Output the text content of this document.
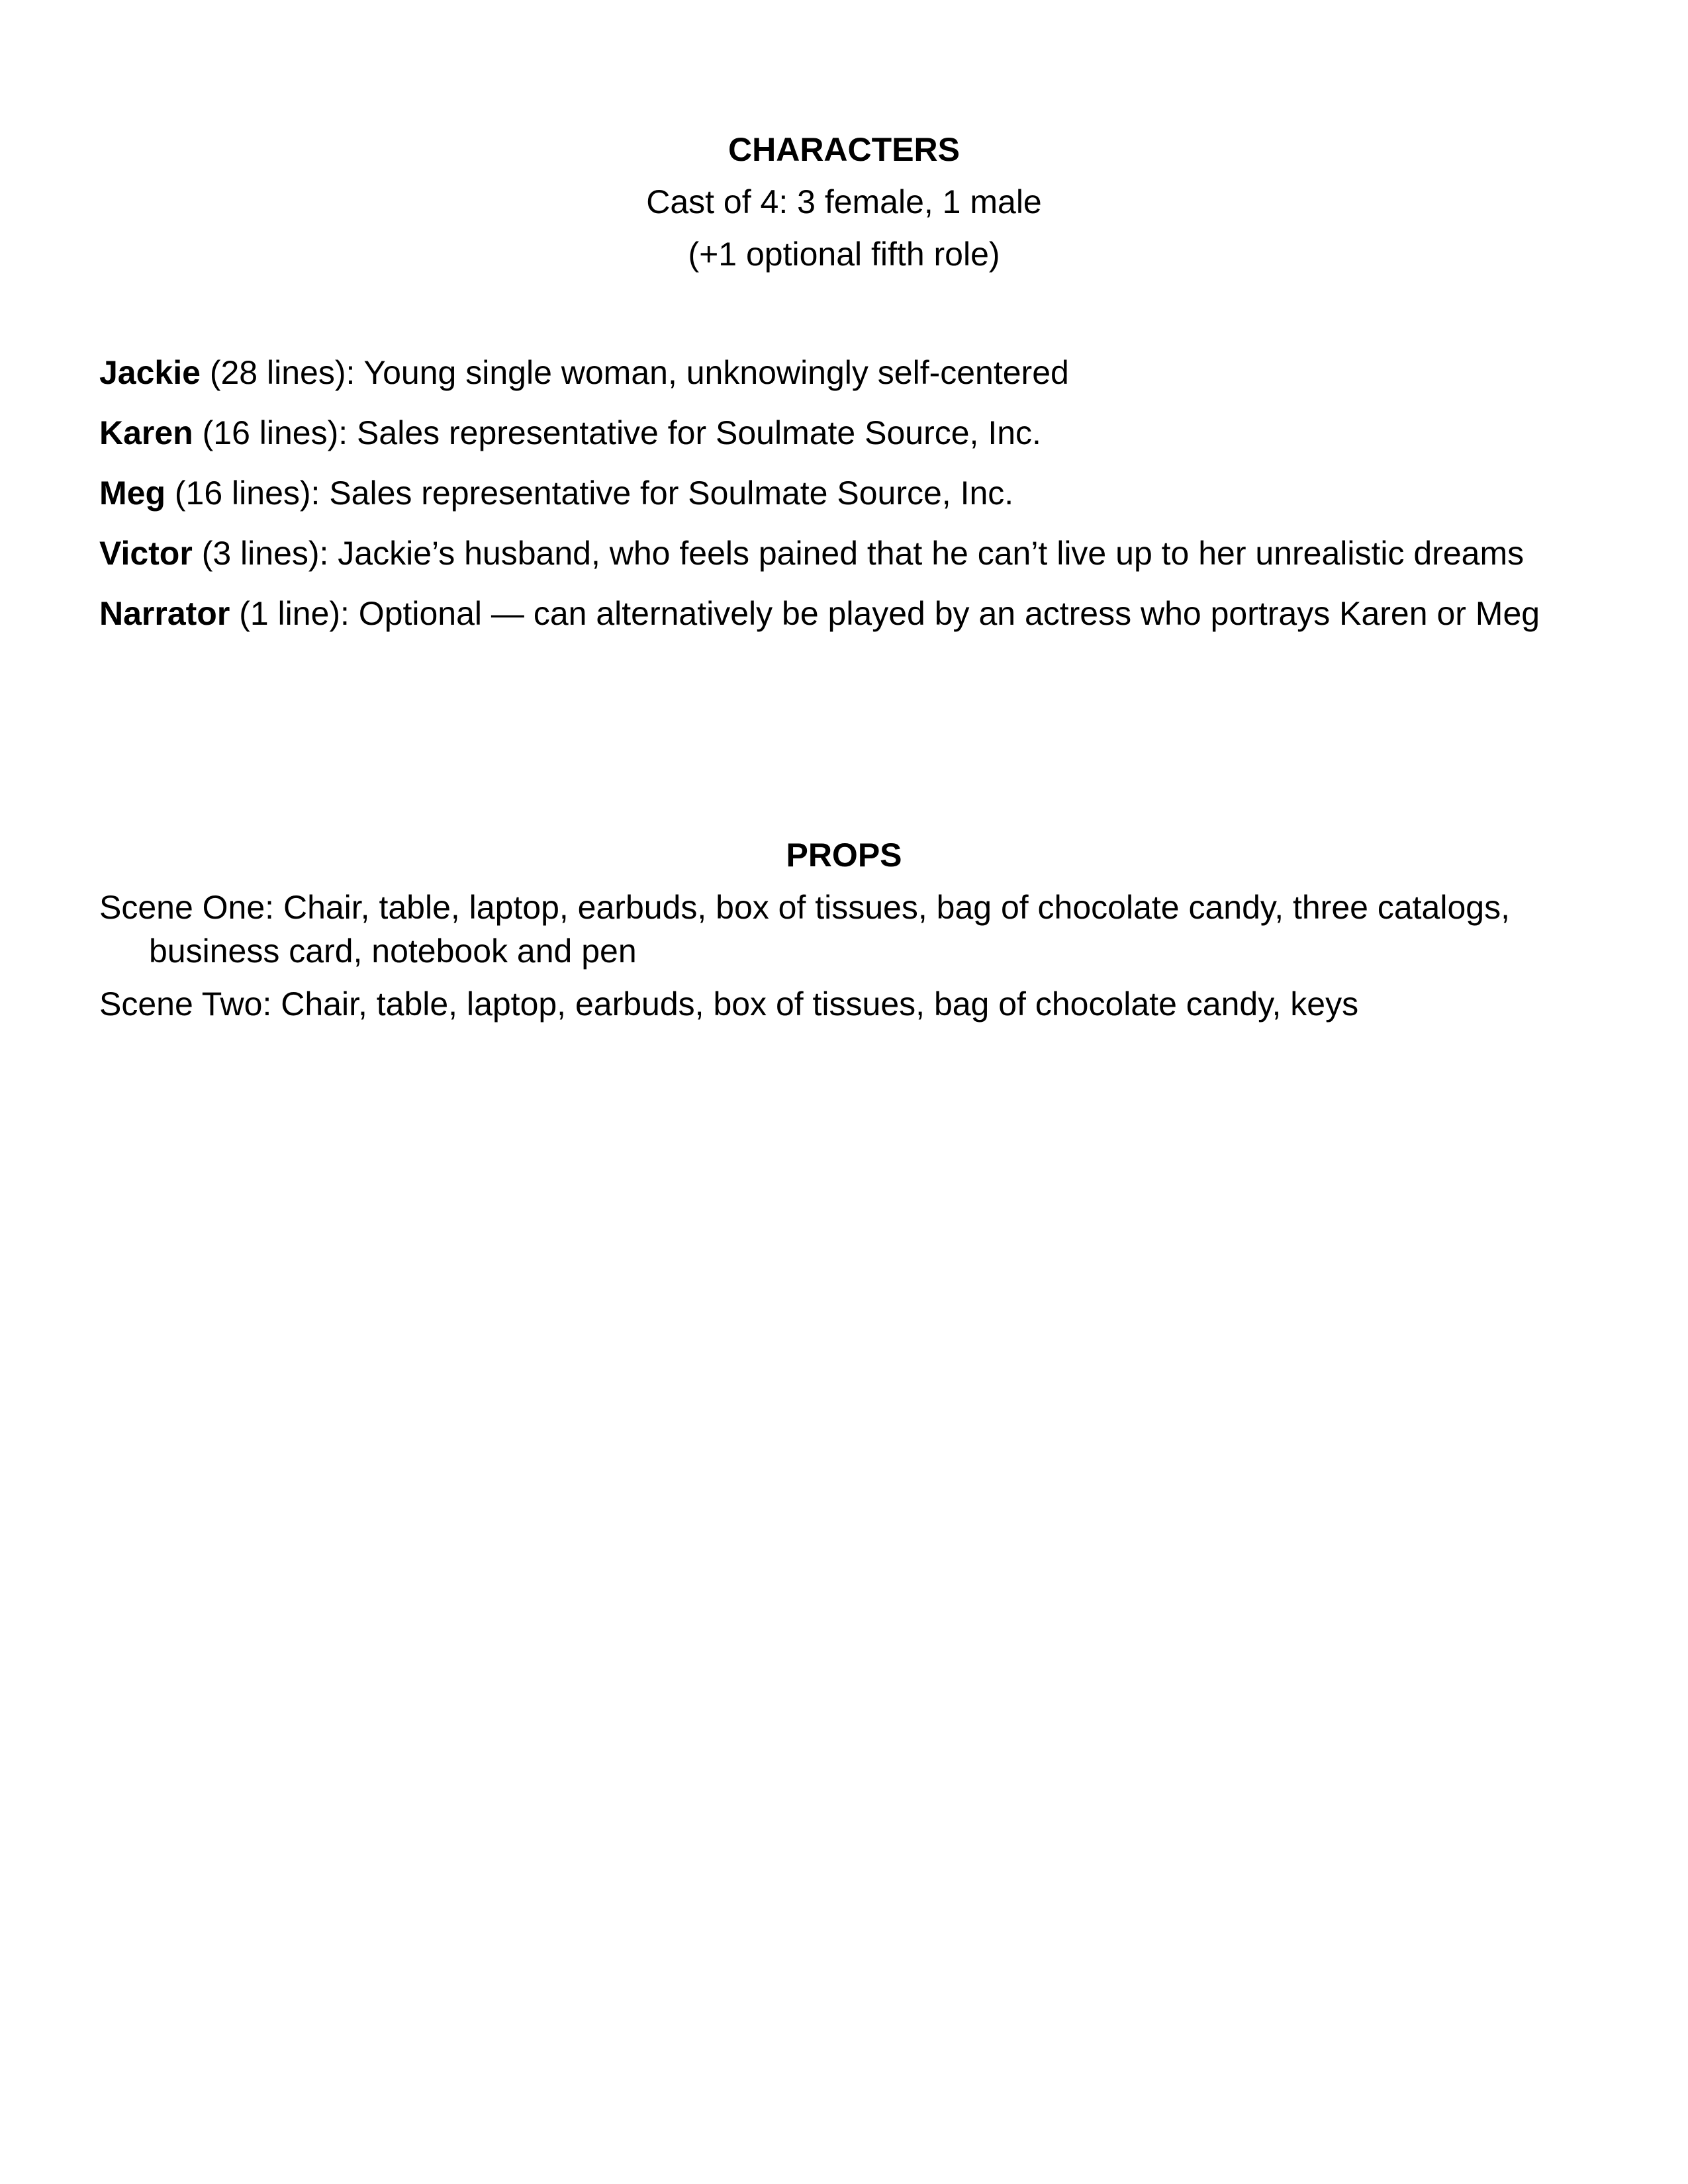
CHARACTERS
Cast of 4: 3 female, 1 male
(+1 optional fifth role)
Jackie (28 lines): Young single woman, unknowingly self-centered
Karen (16 lines): Sales representative for Soulmate Source, Inc.
Meg (16 lines): Sales representative for Soulmate Source, Inc.
Victor (3 lines): Jackie’s husband, who feels pained that he can’t live up to her unrealistic dreams
Narrator (1 line): Optional — can alternatively be played by an actress who portrays Karen or Meg
PROPS
Scene One: Chair, table, laptop, earbuds, box of tissues, bag of chocolate candy, three catalogs, business card, notebook and pen
Scene Two: Chair, table, laptop, earbuds, box of tissues, bag of chocolate candy, keys
